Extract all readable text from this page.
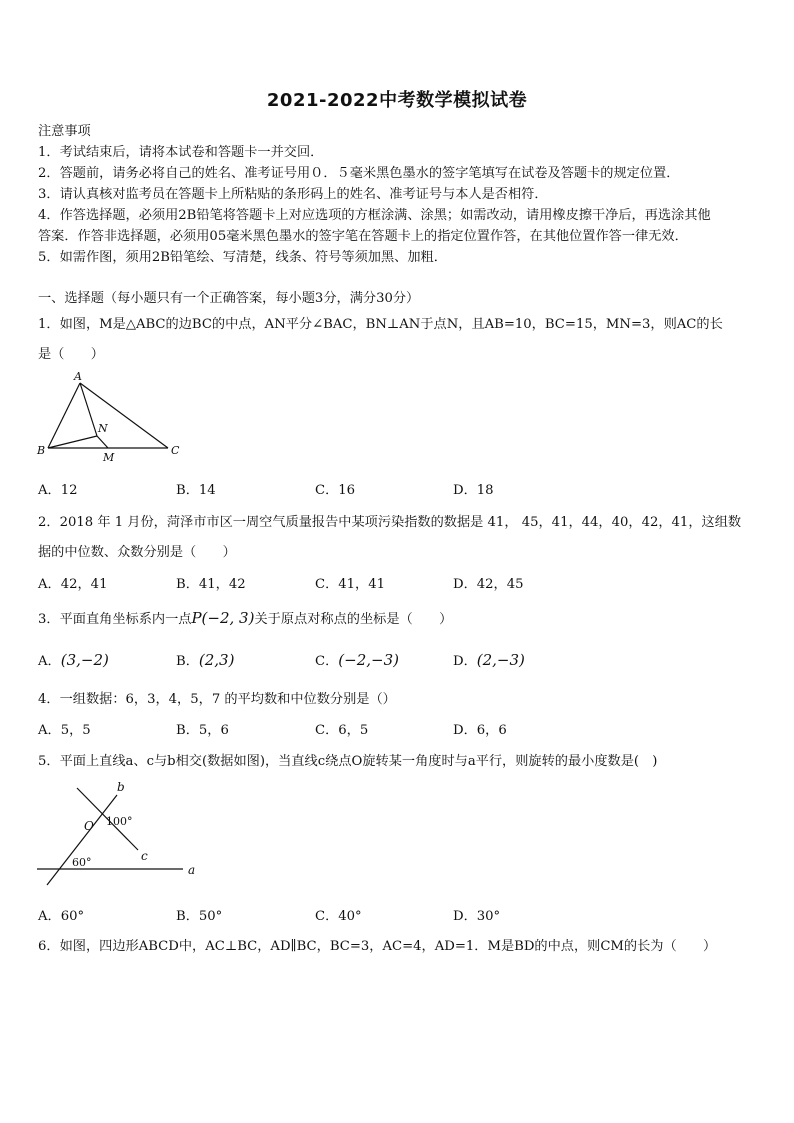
2021-2022中考数学模拟试卷
注意事项
1．考试结束后，请将本试卷和答题卡一并交回．
2．答题前，请务必将自己的姓名、准考证号用０．５毫米黑色墨水的签字笔填写在试卷及答题卡的规定位置．
3．请认真核对监考员在答题卡上所粘贴的条形码上的姓名、准考证号与本人是否相符．
4．作答选择题，必须用2B铅笔将答题卡上对应选项的方框涂满、涂黑；如需改动，请用橡皮擦干净后，再选涂其他
答案．作答非选择题，必须用05毫米黑色墨水的签字笔在答题卡上的指定位置作答，在其他位置作答一律无效．
5．如需作图，须用2B铅笔绘、写清楚，线条、符号等须加黑、加粗．
一、选择题（每小题只有一个正确答案，每小题3分，满分30分）
1．如图，M是△ABC的边BC的中点，AN平分∠BAC，BN⊥AN于点N，且AB=10，BC=15，MN=3，则AC的长
是（　　）
A
B	C
N
M
A．12	B．14	C．16	D．18
2．2018 年 1 月份，菏泽市市区一周空气质量报告中某项污染指数的数据是 41， 45，41，44，40，42，41，这组数
据的中位数、众数分别是（　　）
A．42，41	B．41，42	C．41，41	D．42，45
3．平面直角坐标系内一点P(−2, 3)关于原点对称点的坐标是（　　）
A．(3,−2)	B．(2,3)	C．(−2,−3)	D．(2,−3)
4．一组数据：6，3，4，5，7 的平均数和中位数分别是（）
A．5，5	B．5，6	C．6，5	D．6，6
5．平面上直线a、c与b相交(数据如图)，当直线c绕点O旋转某一角度时与a平行，则旋转的最小度数是(　)
b
O 100°
c
60°
a
A．60°	B．50°	C．40°	D．30°
6．如图，四边形ABCD中，AC⊥BC，AD∥BC，BC=3，AC=4，AD=1．M是BD的中点，则CM的长为（　　）
